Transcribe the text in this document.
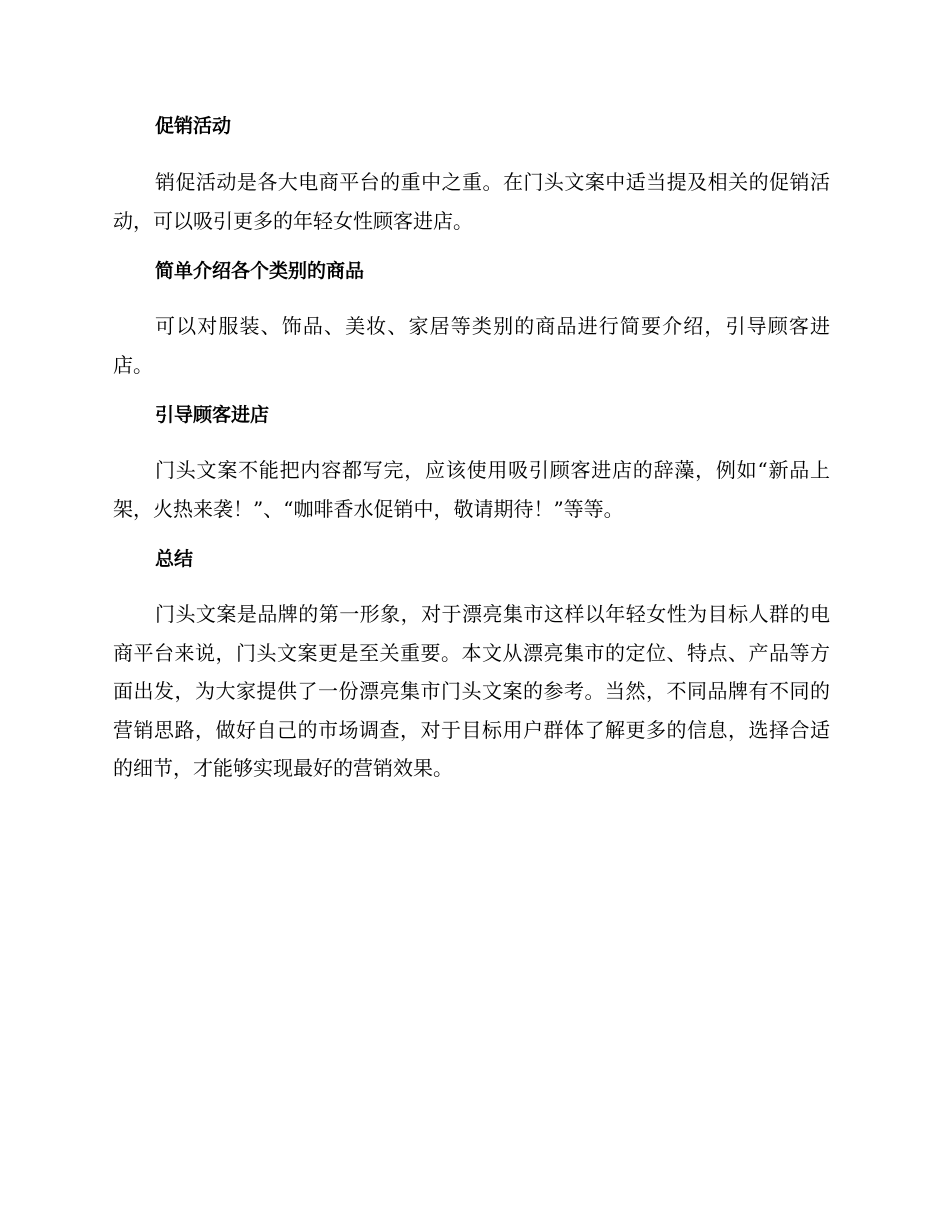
促销活动

销促活动是各大电商平台的重中之重。在门头文案中适当提及相关的促销活动，可以吸引更多的年轻女性顾客进店。

简单介绍各个类别的商品

可以对服装、饰品、美妆、家居等类别的商品进行简要介绍，引导顾客进店。

引导顾客进店

门头文案不能把内容都写完，应该使用吸引顾客进店的辞藻，例如“新品上架，火热来袭！”、“咖啡香水促销中，敬请期待！”等等。

总结

门头文案是品牌的第一形象，对于漂亮集市这样以年轻女性为目标人群的电商平台来说，门头文案更是至关重要。本文从漂亮集市的定位、特点、产品等方面出发，为大家提供了一份漂亮集市门头文案的参考。当然，不同品牌有不同的营销思路，做好自己的市场调查，对于目标用户群体了解更多的信息，选择合适的细节，才能够实现最好的营销效果。
